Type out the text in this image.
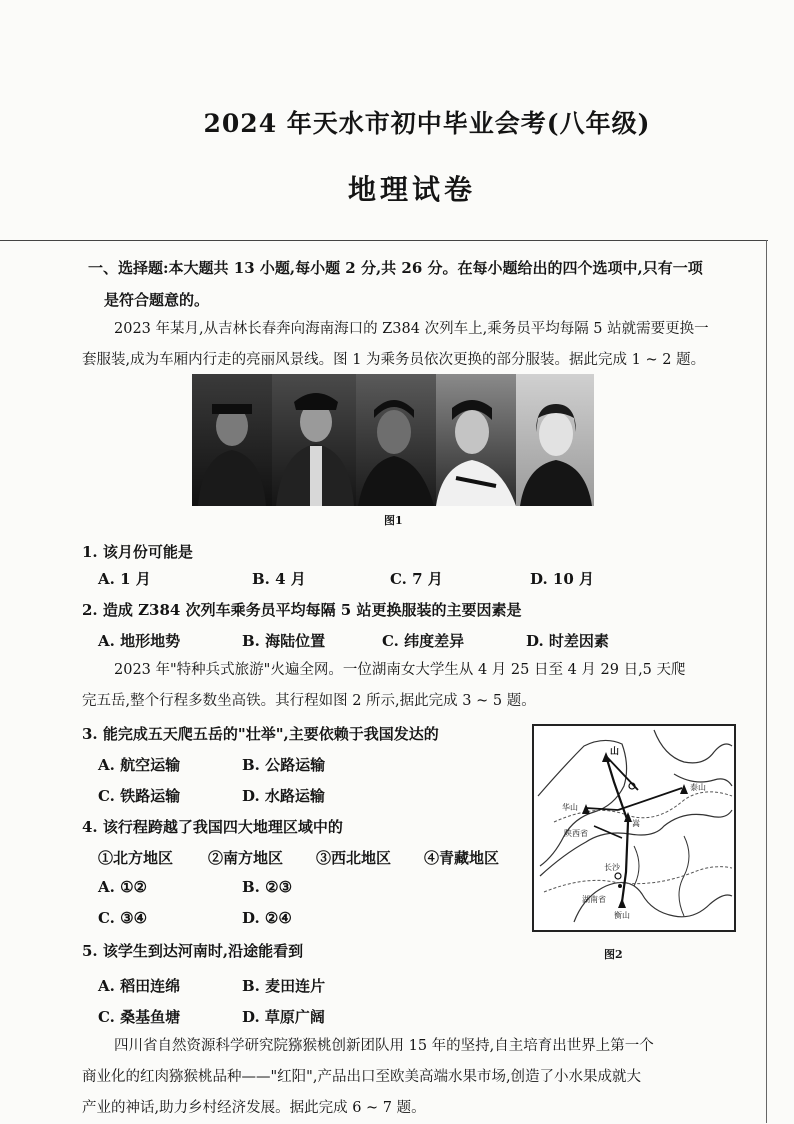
2024 年天水市初中毕业会考(八年级)
地理试卷
一、选择题:本大题共 13 小题,每小题 2 分,共 26 分。在每小题给出的四个选项中,只有一项
是符合题意的。
2023 年某月,从吉林长春奔向海南海口的 Z384 次列车上,乘务员平均每隔 5 站就需要更换一
套服装,成为车厢内行走的亮丽风景线。图 1 为乘务员依次更换的部分服装。据此完成 1 ~ 2 题。
图1
1. 该月份可能是
A. 1 月	B. 4 月	C. 7 月	D. 10 月
2. 造成 Z384 次列车乘务员平均每隔 5 站更换服装的主要因素是
A. 地形地势	B. 海陆位置	C. 纬度差异	D. 时差因素
2023 年"特种兵式旅游"火遍全网。一位湖南女大学生从 4 月 25 日至 4 月 29 日,5 天爬
完五岳,整个行程多数坐高铁。其行程如图 2 所示,据此完成 3 ~ 5 题。
3. 能完成五天爬五岳的"壮举",主要依赖于我国发达的
A. 航空运输	B. 公路运输
C. 铁路运输	D. 水路运输
4. 该行程跨越了我国四大地理区域中的
①北方地区 ②南方地区 ③西北地区 ④青藏地区
A. ①②	B. ②③
C. ③④	D. ②④
5. 该学生到达河南时,沿途能看到
A. 稻田连绵	B. 麦田连片
C. 桑基鱼塘	D. 草原广阔
山
华山
陕西省
嵩
泰山
长沙
湖南省
衡山
图2
四川省自然资源科学研究院猕猴桃创新团队用 15 年的坚持,自主培育出世界上第一个
商业化的红肉猕猴桃品种——"红阳",产品出口至欧美高端水果市场,创造了小水果成就大
产业的神话,助力乡村经济发展。据此完成 6 ~ 7 题。
